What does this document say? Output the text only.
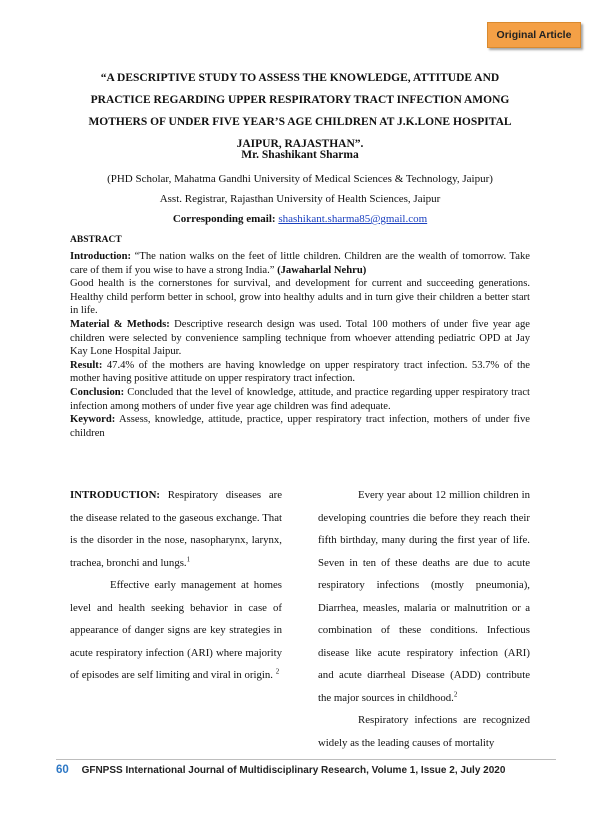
Original Article
“A DESCRIPTIVE STUDY TO ASSESS THE KNOWLEDGE, ATTITUDE AND
PRACTICE REGARDING UPPER RESPIRATORY TRACT INFECTION AMONG
MOTHERS OF UNDER FIVE YEAR’S AGE CHILDREN AT J.K.LONE HOSPITAL
JAIPUR, RAJASTHAN”.

Mr. Shashikant Sharma

(PHD Scholar, Mahatma Gandhi University of Medical Sciences & Technology, Jaipur)

Asst. Registrar, Rajasthan University of Health Sciences, Jaipur

Corresponding email: shashikant.sharma85@gmail.com
ABSTRACT

Introduction: “The nation walks on the feet of little children. Children are the wealth of tomorrow. Take care of them if you wise to have a strong India.” (Jawaharlal Nehru)

Good health is the cornerstones for survival, and development for current and succeeding generations. Healthy child perform better in school, grow into healthy adults and in turn give their children a better start in life.

Material & Methods: Descriptive research design was used. Total 100 mothers of under five year age children were selected by convenience sampling technique from whoever attending pediatric OPD at Jay Kay Lone Hospital Jaipur.

Result: 47.4% of the mothers are having knowledge on upper respiratory tract infection. 53.7% of the mother having positive attitude on upper respiratory tract infection.

Conclusion: Concluded that the level of knowledge, attitude, and practice regarding upper respiratory tract infection among mothers of under five year age children was find adequate.

Keyword: Assess, knowledge, attitude, practice, upper respiratory tract infection, mothers of under five children

INTRODUCTION: Respiratory diseases are the disease related to the gaseous exchange. That is the disorder in the nose, nasopharynx, larynx, trachea, bronchi and lungs.$^1$

Effective early management at homes level and health seeking behavior in case of appearance of danger signs are key strategies in acute respiratory infection (ARI) where majority of episodes are self limiting and viral in origin. $^2$

Every year about 12 million children in developing countries die before they reach their fifth birthday, many during the first year of life. Seven in ten of these deaths are due to acute respiratory infections (mostly pneumonia), Diarrhea, measles, malaria or malnutrition or a combination of these conditions. Infectious disease like acute respiratory infection (ARI) and acute diarrheal Disease (ADD) contribute the major sources in childhood.$^2$

Respiratory infections are recognized widely as the leading causes of mortality

60 GFNPSS International Journal of Multidisciplinary Research, Volume 1, Issue 2, July 2020
